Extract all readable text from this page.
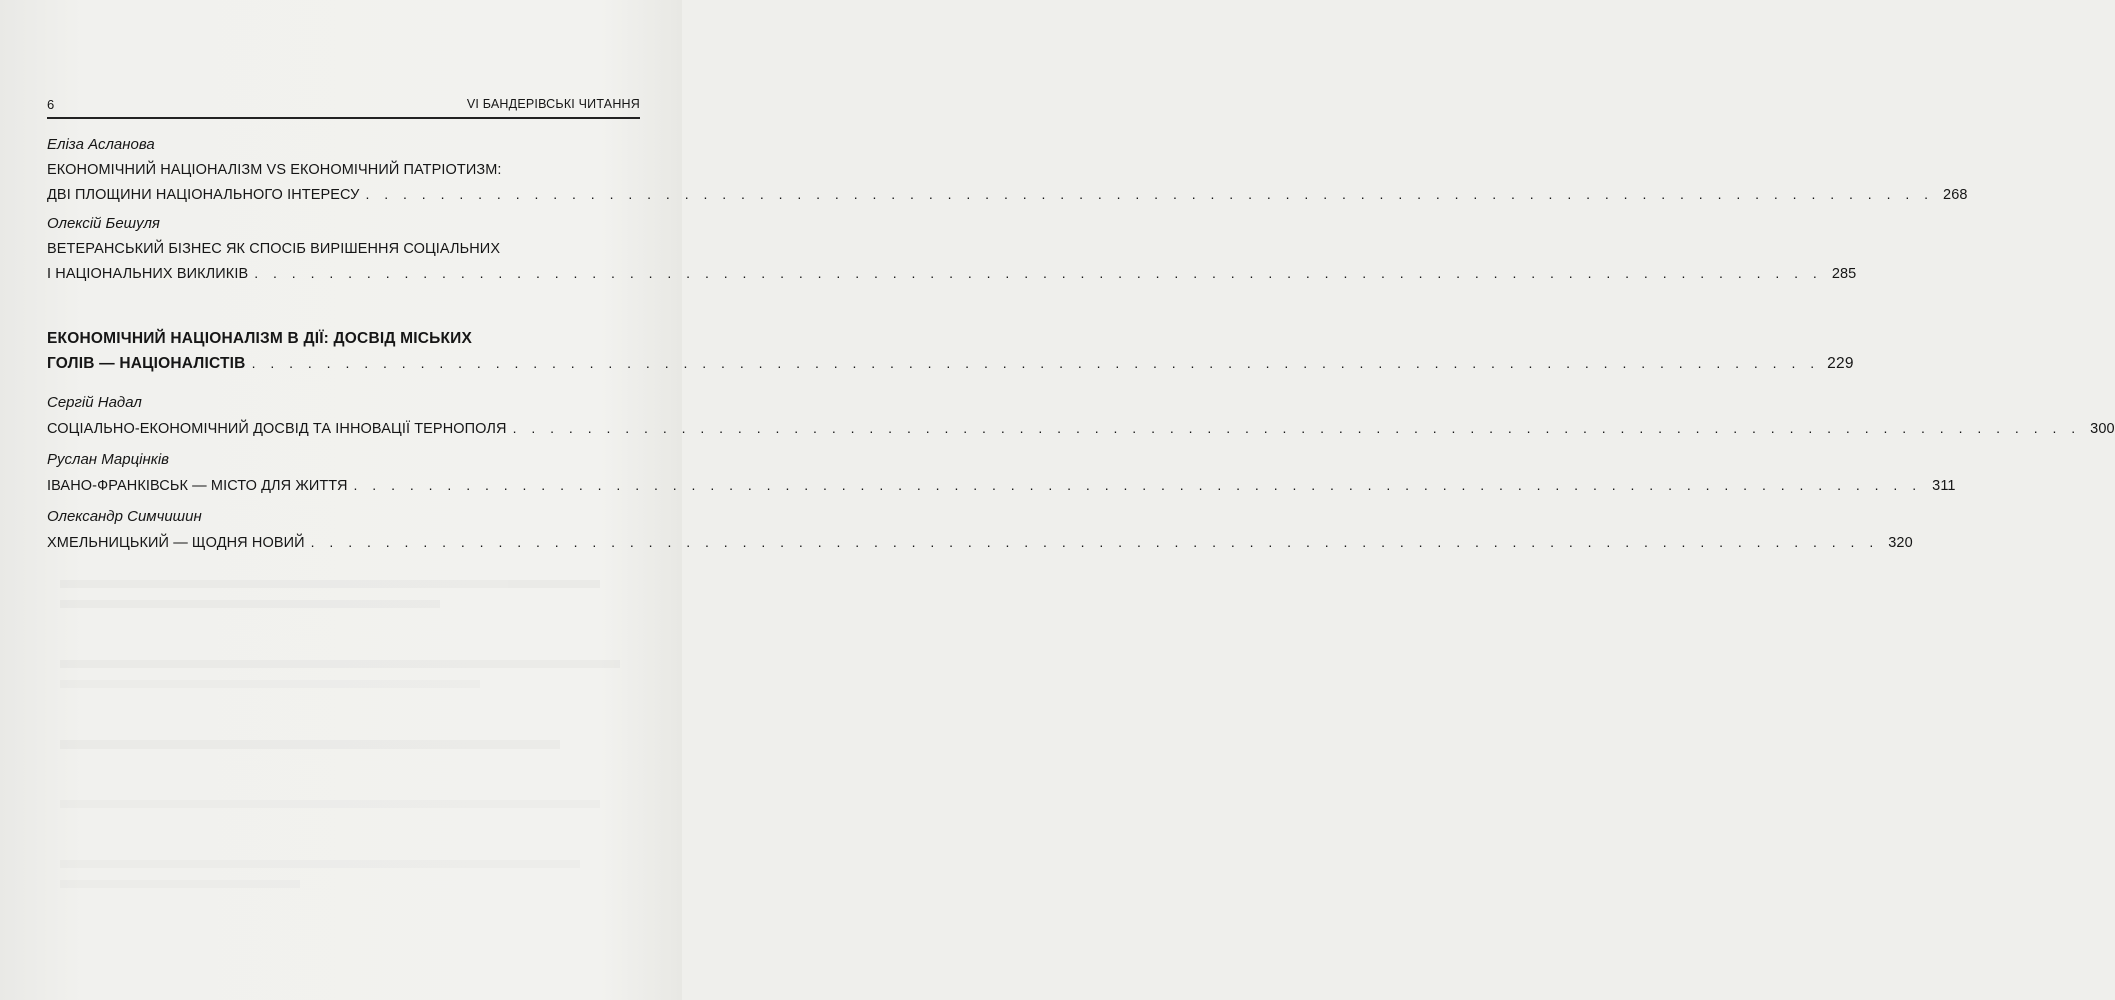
6	VI БАНДЕРІВСЬКІ ЧИТАННЯ
Еліза Асланова
ЕКОНОМІЧНИЙ НАЦІОНАЛІЗМ VS ЕКОНОМІЧНИЙ ПАТРІОТИЗМ:
ДВІ ПЛОЩИНИ НАЦІОНАЛЬНОГО ІНТЕРЕСУ . . . . . . . . . . . . . . . . . . . . . . . . . . . . . . . . . . . . . . . . . . . . . . . . . . . . . . . . . . . . . . . . . . . . . . . . . . . . . . . . . . . . 268
Олексій Бешуля
ВЕТЕРАНСЬКИЙ БІЗНЕС ЯК СПОСІБ ВИРІШЕННЯ СОЦІАЛЬНИХ
І НАЦІОНАЛЬНИХ ВИКЛИКІВ . . . . . . . . . . . . . . . . . . . . . . . . . . . . . . . . . . . . . . . . . . . . . . . . . . . . . . . . . . . . . . . . . . . . . . . . . . . . . . . . . . . . 285
ЕКОНОМІЧНИЙ НАЦІОНАЛІЗМ В ДІЇ: ДОСВІД МІСЬКИХ
ГОЛІВ — НАЦІОНАЛІСТІВ . . . . . . . . . . . . . . . . . . . . . . . . . . . . . . . . . . . . . . . . . . . . . . . . . . . . . . . . . . . . . . . . . . . . . . . . . . . . . . . . . . . . 229
Сергій Надал
СОЦІАЛЬНО-ЕКОНОМІЧНИЙ ДОСВІД ТА ІННОВАЦІЇ ТЕРНОПОЛЯ . . . . . . . . . . . . . . . . . . . . . . . . . . . . . . . . . . . . . . . . . . . . . . . . . . . . . . . . . . . . . . . . . . . . . . . . . . . . . . . . . . . . 300
Руслан Марцінків
ІВАНО-ФРАНКІВСЬК — МІСТО ДЛЯ ЖИТТЯ . . . . . . . . . . . . . . . . . . . . . . . . . . . . . . . . . . . . . . . . . . . . . . . . . . . . . . . . . . . . . . . . . . . . . . . . . . . . . . . . . . . . 311
Олександр Симчишин
ХМЕЛЬНИЦЬКИЙ — ЩОДНЯ НОВИЙ . . . . . . . . . . . . . . . . . . . . . . . . . . . . . . . . . . . . . . . . . . . . . . . . . . . . . . . . . . . . . . . . . . . . . . . . . . . . . . . . . . . . 320
